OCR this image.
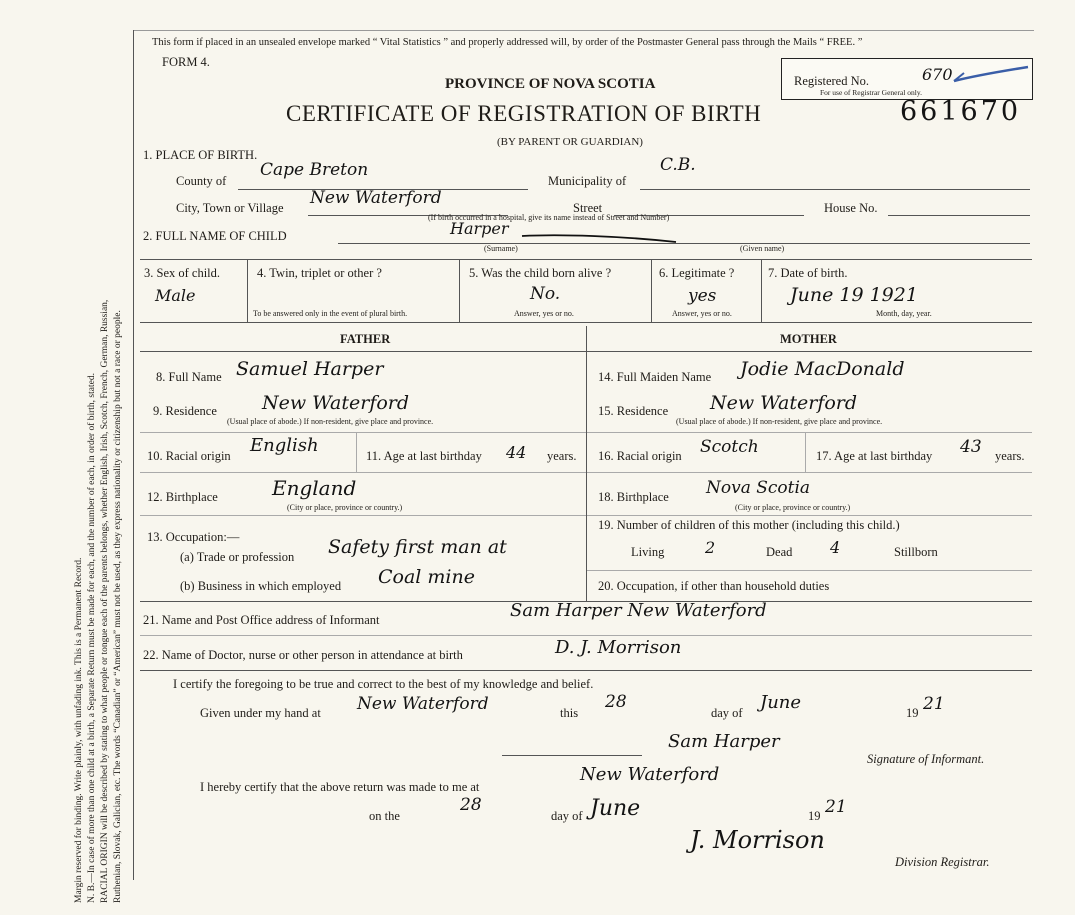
Margin reserved for binding. Write plainly, with unfading ink. This is a Permanent Record. N. B.—In case of more than one child at a birth, a Separate Return must be made for each, and the number of each, in order of birth, stated. RACIAL ORIGIN will be described by stating to what people or tongue each of the parents belongs, whether English, Irish, Scotch, French, German, Russian, Ruthenian, Slovak, Galician, etc. The words “Canadian” or “American” must not be used, as they express nationality or citizenship but not a race or people.
This form if placed in an unsealed envelope marked “ Vital Statistics ” and properly addressed will, by order of the Postmaster General pass through the Mails “ FREE. ”
FORM 4.
PROVINCE OF NOVA SCOTIA
CERTIFICATE OF REGISTRATION OF BIRTH
(BY PARENT OR GUARDIAN)
Registered No.	670
For use of Registrar General only.
661670
1. PLACE OF BIRTH.
County of
Cape Breton
Municipality of
C.B.
City, Town or Village New Waterford	Street	House No.
(If birth occurred in a hospital, give its name instead of Street and Number)
2. FULL NAME OF CHILD	Harper
(Surname)	(Given name)
3. Sex of child.
Male
4. Twin, triplet or other ?
To be answered only in the event of plural birth.
5. Was the child born alive ?
No.
Answer, yes or no.
6. Legitimate ?
yes
Answer, yes or no.
7. Date of birth.
June 19 1921
Month, day, year.
FATHER	MOTHER
8. Full Name Samuel Harper
9. Residence New Waterford
(Usual place of abode.) If non-resident, give place and province.
10. Racial origin English	11. Age at last birthday 44 years.
12. Birthplace	England
(City or place, province or country.)
13. Occupation:—
(a) Trade or profession Safety first man at
(b) Business in which employed Coal mine
14. Full Maiden Name Jodie MacDonald
15. Residence New Waterford
(Usual place of abode.) If non-resident, give place and province.
16. Racial origin Scotch	17. Age at last birthday 43 years.
18. Birthplace Nova Scotia
(City or place, province or country.)
19. Number of children of this mother (including this child.)
Living	2	Dead 4	Stillborn
20. Occupation, if other than household duties
21. Name and Post Office address of Informant	Sam Harper New Waterford
22. Name of Doctor, nurse or other person in attendance at birth	D. J. Morrison
I certify the foregoing to be true and correct to the best of my knowledge and belief.
Given under my hand at New Waterford	this
28
day of June	19 21
Sam Harper
Signature of Informant.
I hereby certify that the above return was made to me at
New Waterford
on the
28
day of June	19 21
J. Morrison
Division Registrar.
